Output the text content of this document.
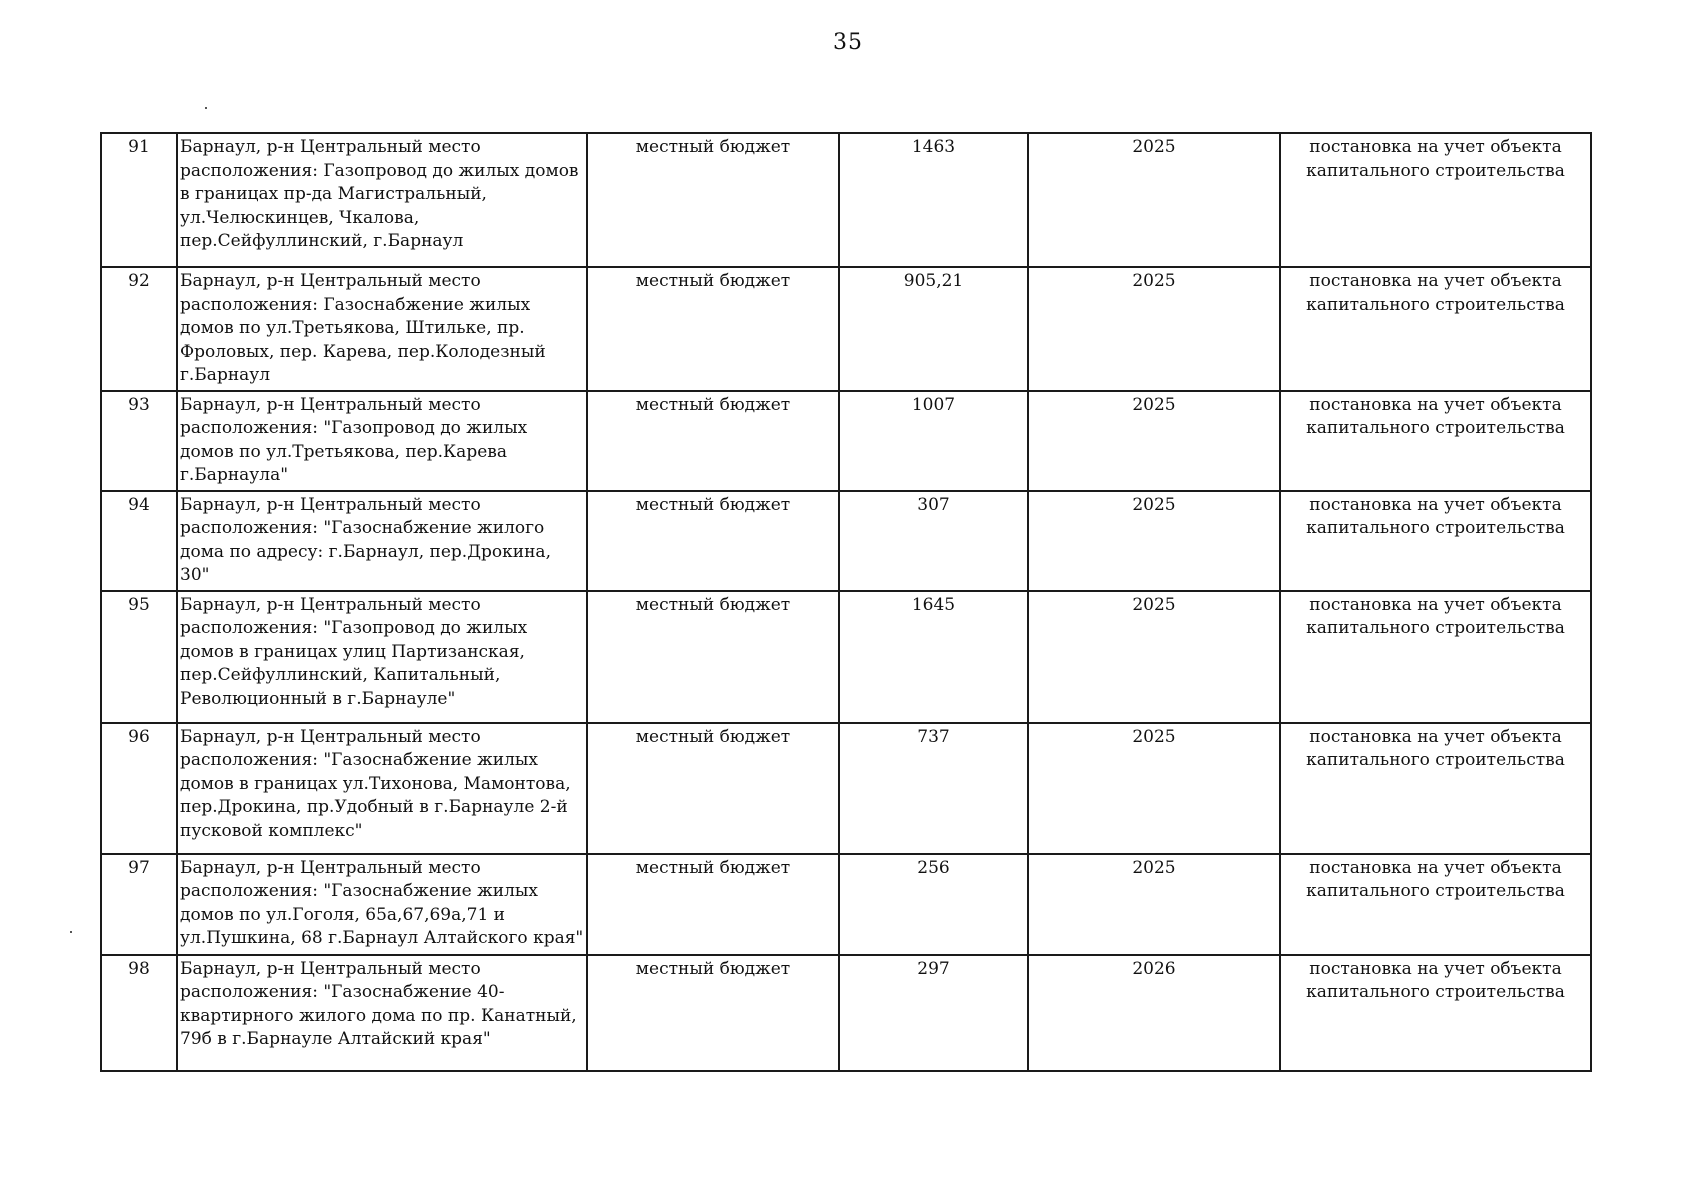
35
91	Барнаул, р-н Центральный место расположения: Газопровод до жилых домов в границах пр-да Магистральный, ул.Челюскинцев, Чкалова, пер.Сейфуллинский, г.Барнаул	местный бюджет	1463	2025	постановка на учет объекта капитального строительства
92	Барнаул, р-н Центральный место расположения: Газоснабжение жилых домов по ул.Третьякова, Штильке, пр. Фроловых, пер. Карева, пер.Колодезный г.Барнаул	местный бюджет	905,21	2025	постановка на учет объекта капитального строительства
93	Барнаул, р-н Центральный место расположения: "Газопровод до жилых домов по ул.Третьякова, пер.Карева г.Барнаула"	местный бюджет	1007	2025	постановка на учет объекта капитального строительства
94	Барнаул, р-н Центральный место расположения: "Газоснабжение жилого дома по адресу: г.Барнаул, пер.Дрокина, 30"	местный бюджет	307	2025	постановка на учет объекта капитального строительства
95	Барнаул, р-н Центральный место расположения: "Газопровод до жилых домов в границах улиц Партизанская, пер.Сейфуллинский, Капитальный, Революционный в г.Барнауле"	местный бюджет	1645	2025	постановка на учет объекта капитального строительства
96	Барнаул, р-н Центральный место расположения: "Газоснабжение жилых домов в границах ул.Тихонова, Мамонтова, пер.Дрокина, пр.Удобный в г.Барнауле 2-й пусковой комплекс"	местный бюджет	737	2025	постановка на учет объекта капитального строительства
97	Барнаул, р-н Центральный место расположения: "Газоснабжение жилых домов по ул.Гоголя, 65а,67,69а,71 и ул.Пушкина, 68 г.Барнаул Алтайского края"	местный бюджет	256	2025	постановка на учет объекта капитального строительства
98	Барнаул, р-н Центральный место расположения: "Газоснабжение 40-квартирного жилого дома по пр. Канатный, 79б в г.Барнауле Алтайский края"	местный бюджет	297	2026	постановка на учет объекта капитального строительства
